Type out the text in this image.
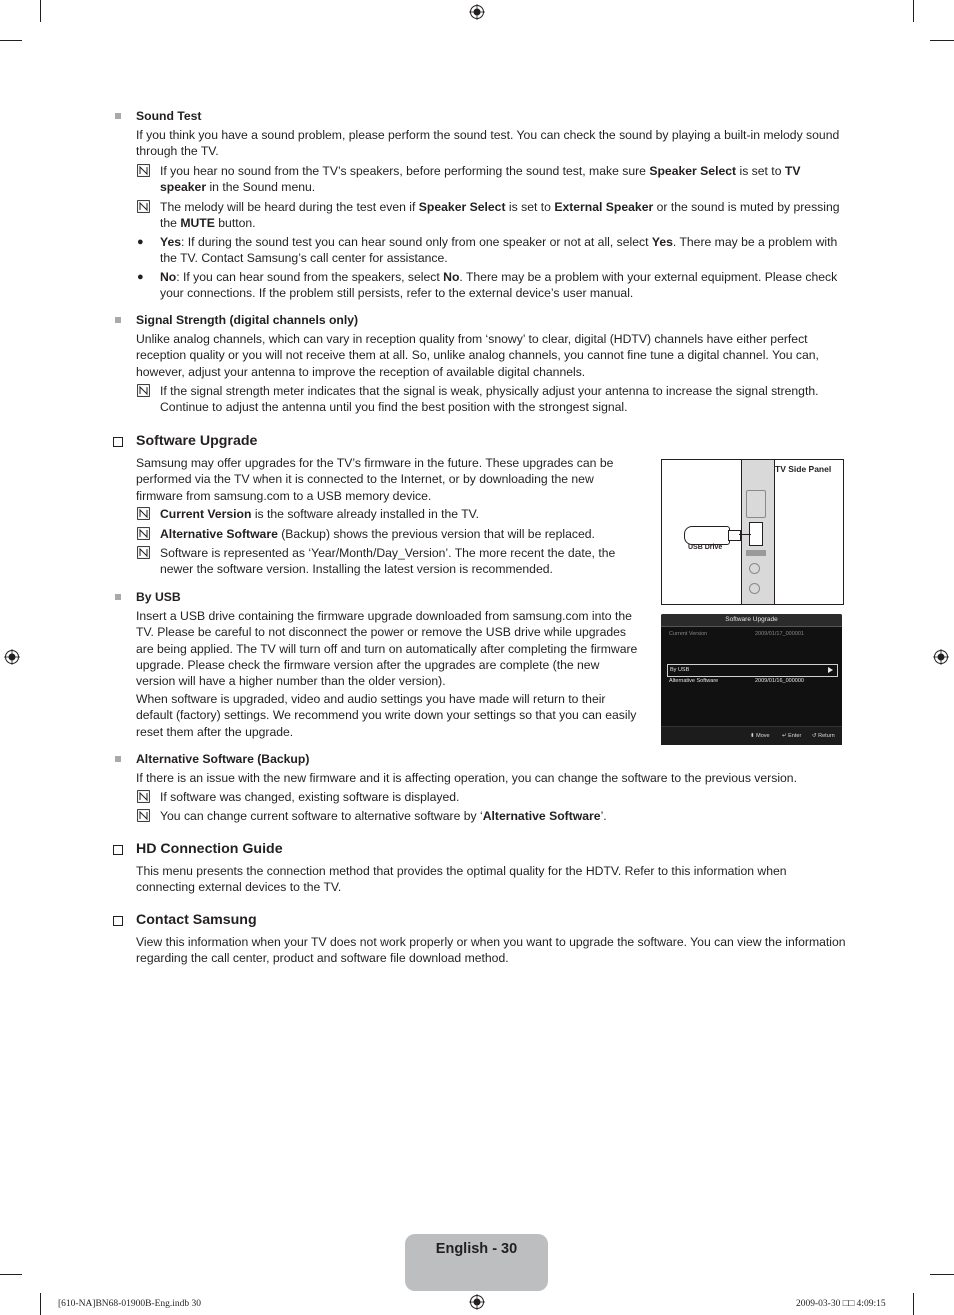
Sound Test
If you think you have a sound problem, please perform the sound test. You can check the sound by playing a built-in melody sound through the TV.
If you hear no sound from the TV’s speakers, before performing the sound test, make sure Speaker Select is set to TV speaker in the Sound menu.
The melody will be heard during the test even if Speaker Select is set to External Speaker or the sound is muted by pressing the MUTE button.
● Yes: If during the sound test you can hear sound only from one speaker or not at all, select Yes. There may be a problem with the TV. Contact Samsung’s call center for assistance.
● No: If you can hear sound from the speakers, select No. There may be a problem with your external equipment. Please check your connections. If the problem still persists, refer to the external device’s user manual.
Signal Strength (digital channels only)
Unlike analog channels, which can vary in reception quality from ‘snowy’ to clear, digital (HDTV) channels have either perfect reception quality or you will not receive them at all. So, unlike analog channels, you cannot fine tune a digital channel. You can, however, adjust your antenna to improve the reception of available digital channels.
If the signal strength meter indicates that the signal is weak, physically adjust your antenna to increase the signal strength. Continue to adjust the antenna until you find the best position with the strongest signal.
Software Upgrade
Samsung may offer upgrades for the TV’s firmware in the future. These upgrades can be performed via the TV when it is connected to the Internet, or by downloading the new firmware from samsung.com to a USB memory device.
Current Version is the software already installed in the TV.
Alternative Software (Backup) shows the previous version that will be replaced.
Software is represented as ‘Year/Month/Day_Version’. The more recent the date, the newer the software version. Installing the latest version is recommended.
By USB
Insert a USB drive containing the firmware upgrade downloaded from samsung.com into the TV. Please be careful to not disconnect the power or remove the USB drive while upgrades are being applied. The TV will turn off and turn on automatically after completing the firmware upgrade. Please check the firmware version after the upgrades are complete (the new version will have a higher number than the older version).
When software is upgraded, video and audio settings you have made will return to their default (factory) settings. We recommend you write down your settings so that you can easily reset them after the upgrade.
TV Side Panel
USB Drive
Software Upgrade
Current Version	2009/01/17_000001
By USB
Alternative Software	2009/01/16_000000
⬍ Move ↵ Enter ↺ Return
Alternative Software (Backup)
If there is an issue with the new firmware and it is affecting operation, you can change the software to the previous version.
If software was changed, existing software is displayed.
You can change current software to alternative software by ‘Alternative Software’.
HD Connection Guide
This menu presents the connection method that provides the optimal quality for the HDTV. Refer to this information when connecting external devices to the TV.
Contact Samsung
View this information when your TV does not work properly or when you want to upgrade the software. You can view the information regarding the call center, product and software file download method.
English - 30
[610-NA]BN68-01900B-Eng.indb 30	2009-03-30 □□ 4:09:15
